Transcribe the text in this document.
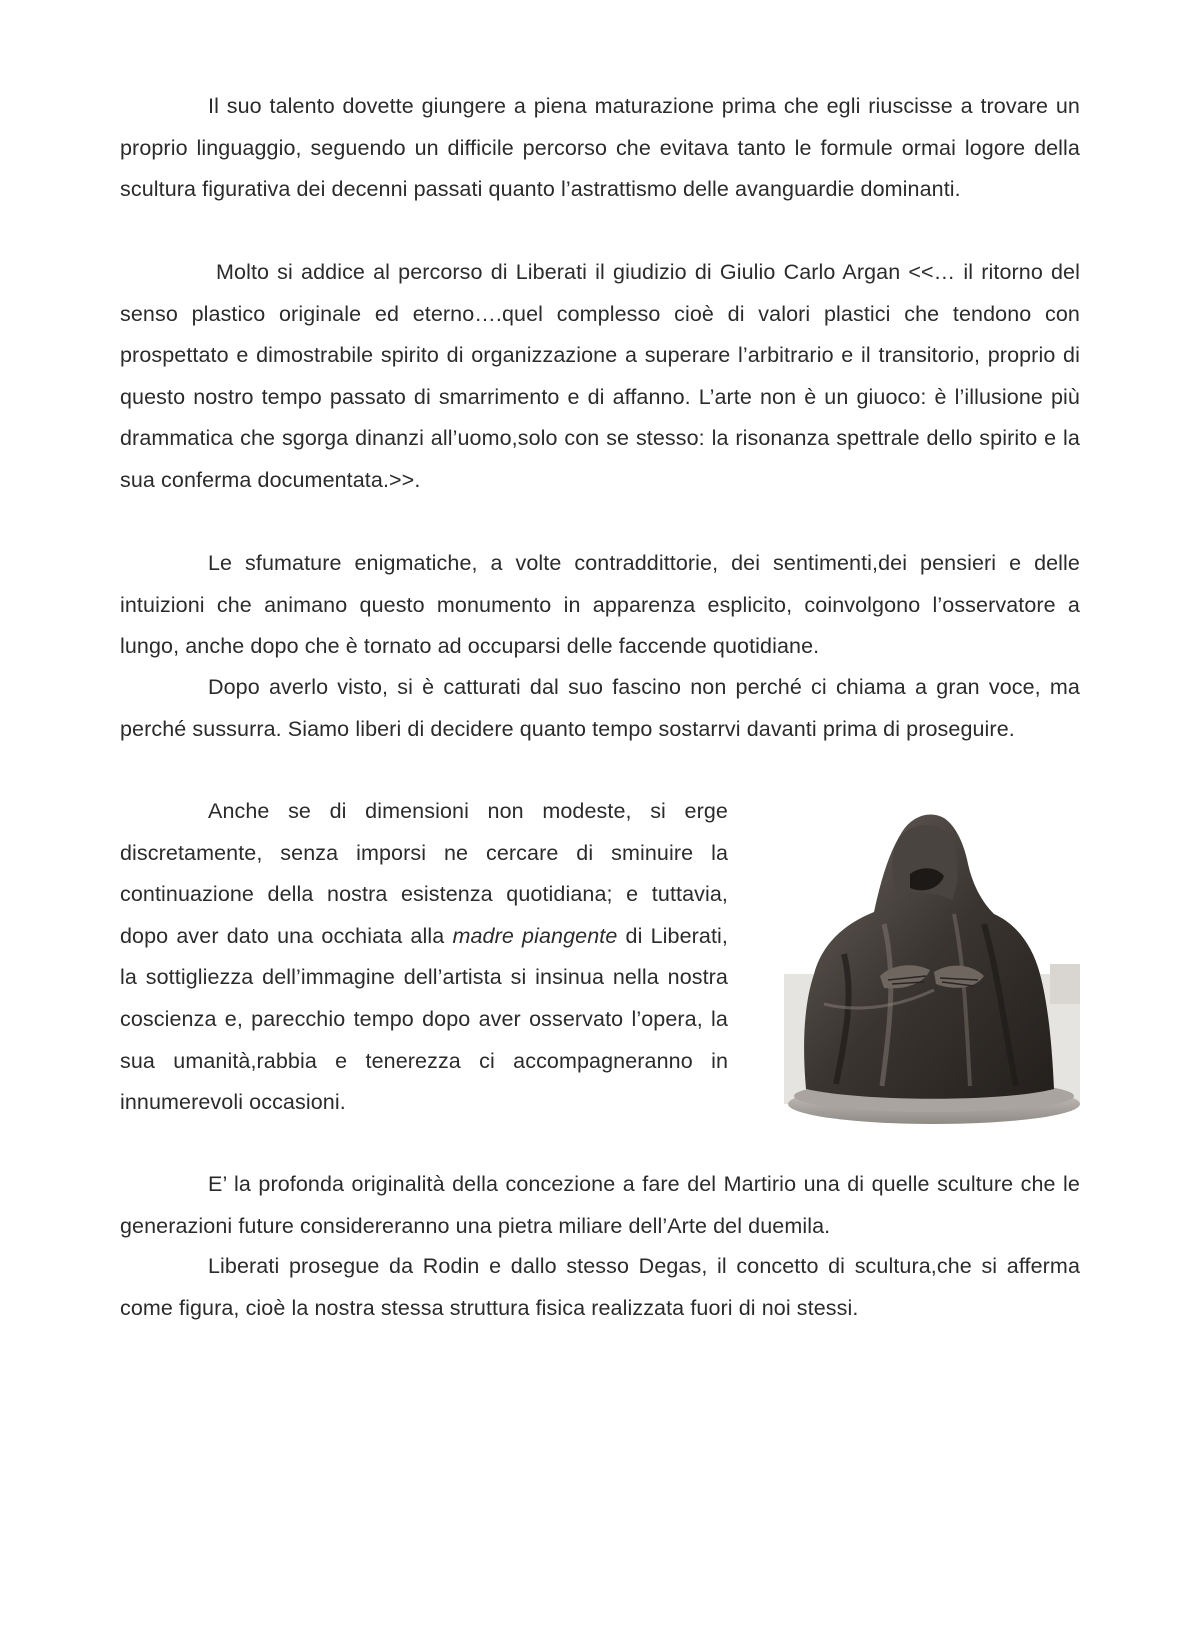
Il suo talento dovette giungere a piena maturazione prima che egli riuscisse a trovare un proprio linguaggio, seguendo un difficile percorso che evitava tanto le formule ormai logore della scultura figurativa dei decenni passati quanto l’astrattismo delle avanguardie dominanti.

Molto si addice al percorso di Liberati il giudizio di Giulio Carlo Argan <<… il ritorno del senso plastico originale ed eterno….quel complesso cioè di valori plastici che tendono con prospettato e dimostrabile spirito di organizzazione a superare l’arbitrario e il transitorio, proprio di questo nostro tempo passato di smarrimento e di affanno. L’arte non è un giuoco: è l’illusione più drammatica che sgorga dinanzi all’uomo,solo con se stesso: la risonanza spettrale dello spirito e la sua conferma documentata.>>.

Le sfumature enigmatiche, a volte contraddittorie, dei sentimenti,dei pensieri e delle intuizioni che animano questo monumento in apparenza esplicito, coinvolgono l’osservatore a lungo, anche dopo che è tornato ad occuparsi delle faccende quotidiane.

Dopo averlo visto, si è catturati dal suo fascino non perché ci chiama a gran voce, ma perché sussurra. Siamo liberi di decidere quanto tempo sostarrvi davanti prima di proseguire.

Anche se di dimensioni non modeste, si erge discretamente, senza imporsi ne cercare di sminuire la continuazione della nostra esistenza quotidiana; e tuttavia, dopo aver dato una occhiata alla madre piangente di Liberati, la sottigliezza dell’immagine dell’artista si insinua nella nostra coscienza e, parecchio tempo dopo aver osservato l’opera, la sua umanità,rabbia e tenerezza ci accompagneranno in innumerevoli occasioni.

E’ la profonda originalità della concezione a fare del Martirio una di quelle sculture che le generazioni future considereranno una pietra miliare dell’Arte del duemila.

Liberati prosegue da Rodin e dallo stesso Degas, il concetto di scultura,che si afferma come figura, cioè la nostra stessa struttura fisica realizzata fuori di noi stessi.
